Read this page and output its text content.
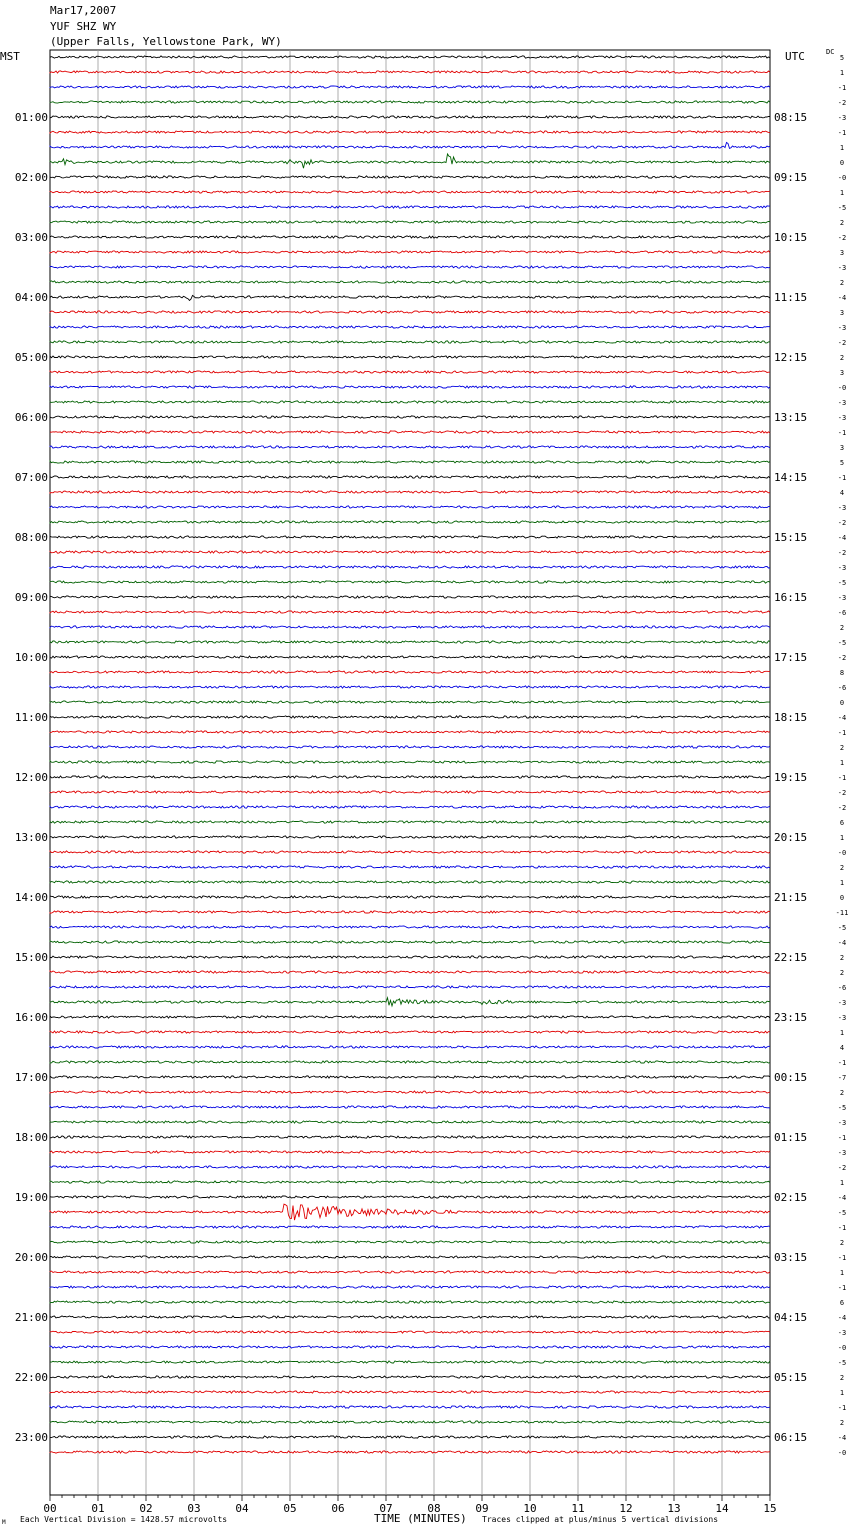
Mar17,2007
YUF SHZ WY
(Upper Falls, Yellowstone Park, WY)
MST	UTC	DC
5
1
-1
-2
-3
-1
1
0
-0
1
-5
2
-2
3
-3
2
-4
3
-3
-2
2
3
-0
-3
-3
-1
3
5
-1
4
-3
-2
-4
-2
-3
-5
-3
-6
2
-5
-2
8
-6
0
-4
-1
2
1
-1
-2
-2
6
1
-0
2
1
0
-11
-5
-4
2
2
-6
-3
-3
1
4
-1
-7
2
-5
-3
-1
-3
-2
1
-4
-5
-1
2
-1
1
-1
6
-4
-3
-0
-5
2
1
-1
2
-4
-0
01:00
02:00
03:00
04:00
05:00
06:00
07:00
08:00
09:00
10:00
11:00
12:00
13:00
14:00
15:00
16:00
17:00
18:00
19:00
20:00
21:00
22:00
23:00
08:15
09:15
10:15
11:15
12:15
13:15
14:15
15:15
16:15
17:15
18:15
19:15
20:15
21:15
22:15
23:15
00:15
01:15
02:15
03:15
04:15
05:15
06:15
00	01	02	03	04	05	06	07	08	09	10	11	12	13	14	15
M Each Vertical Division = 1428.57 microvolts	TIME (MINUTES) Traces clipped at plus/minus 5 vertical divisions
